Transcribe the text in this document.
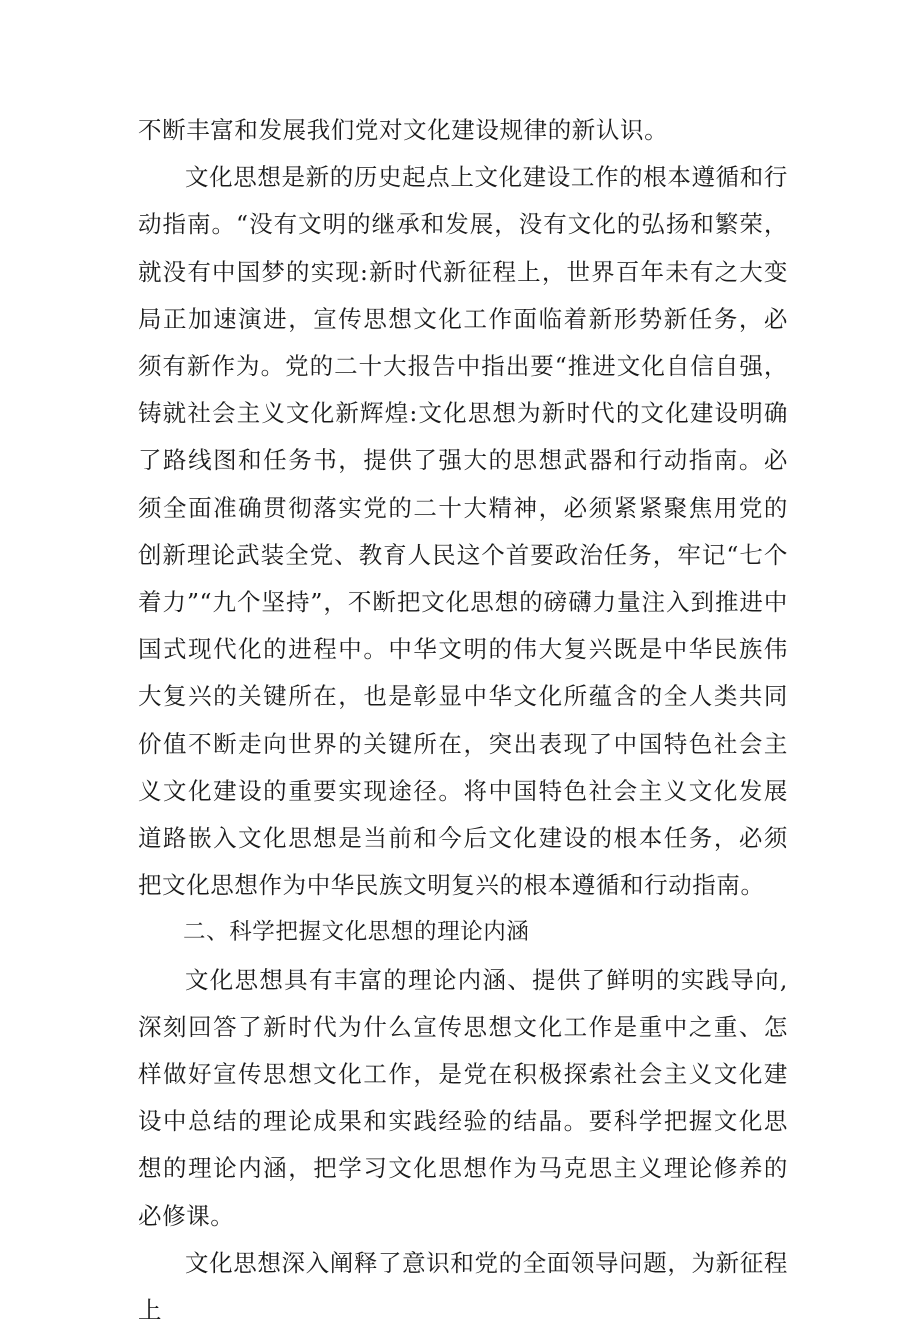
不断丰富和发展我们党对文化建设规律的新认识。

文化思想是新的历史起点上文化建设工作的根本遵循和行动指南。“没有文明的继承和发展，没有文化的弘扬和繁荣，就没有中国梦的实现:新时代新征程上，世界百年未有之大变局正加速演进，宣传思想文化工作面临着新形势新任务，必须有新作为。党的二十大报告中指出要“推进文化自信自强，铸就社会主义文化新辉煌:文化思想为新时代的文化建设明确了路线图和任务书，提供了强大的思想武器和行动指南。必须全面准确贯彻落实党的二十大精神，必须紧紧聚焦用党的创新理论武装全党、教育人民这个首要政治任务，牢记“七个着力”“九个坚持”，不断把文化思想的磅礴力量注入到推进中国式现代化的进程中。中华文明的伟大复兴既是中华民族伟大复兴的关键所在，也是彰显中华文化所蕴含的全人类共同价值不断走向世界的关键所在，突出表现了中国特色社会主义文化建设的重要实现途径。将中国特色社会主义文化发展道路嵌入文化思想是当前和今后文化建设的根本任务，必须把文化思想作为中华民族文明复兴的根本遵循和行动指南。

二、科学把握文化思想的理论内涵

文化思想具有丰富的理论内涵、提供了鲜明的实践导向,深刻回答了新时代为什么宣传思想文化工作是重中之重、怎样做好宣传思想文化工作，是党在积极探索社会主义文化建设中总结的理论成果和实践经验的结晶。要科学把握文化思想的理论内涵，把学习文化思想作为马克思主义理论修养的必修课。

文化思想深入阐释了意识和党的全面领导问题，为新征程上
